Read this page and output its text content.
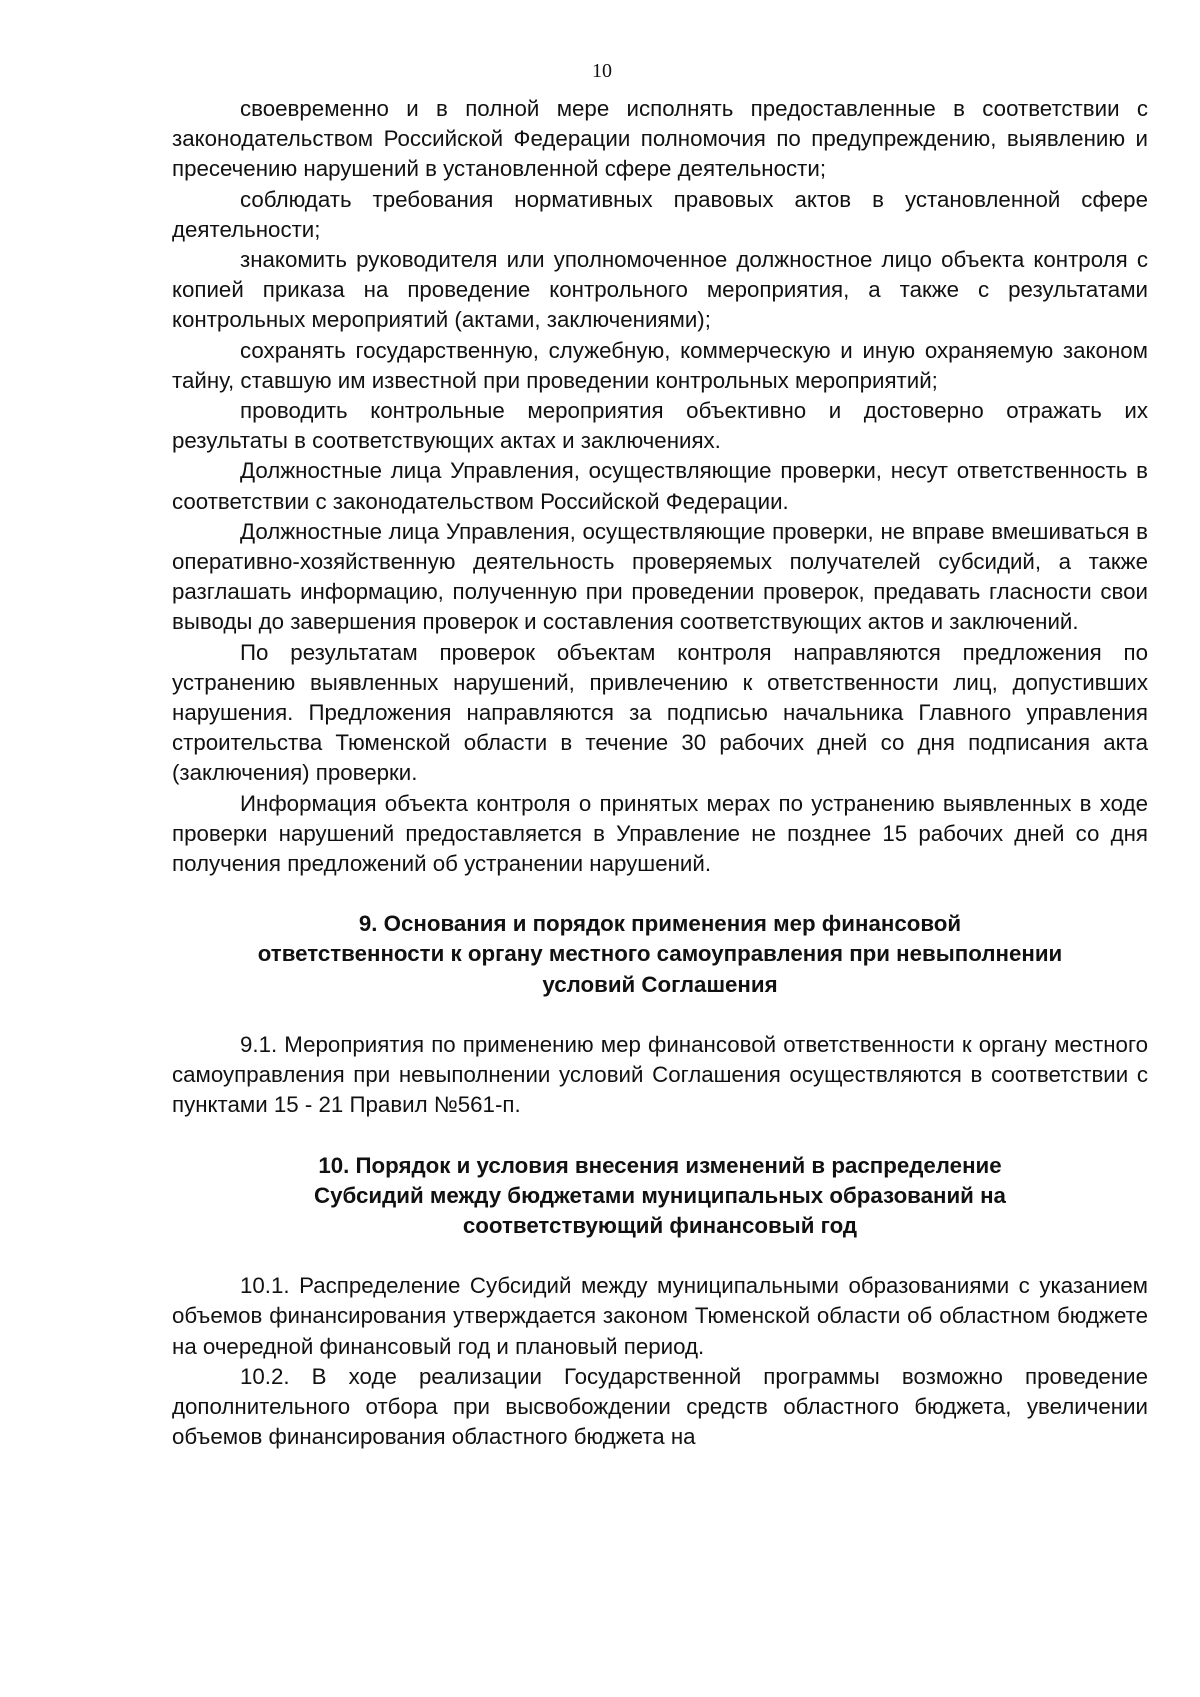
10

своевременно и в полной мере исполнять предоставленные в соответствии с законодательством Российской Федерации полномочия по предупреждению, выявлению и пресечению нарушений в установленной сфере деятельности;

соблюдать требования нормативных правовых актов в установленной сфере деятельности;

знакомить руководителя или уполномоченное должностное лицо объекта контроля с копией приказа на проведение контрольного мероприятия, а также с результатами контрольных мероприятий (актами, заключениями);

сохранять государственную, служебную, коммерческую и иную охраняемую законом тайну, ставшую им известной при проведении контрольных мероприятий;

проводить контрольные мероприятия объективно и достоверно отражать их результаты в соответствующих актах и заключениях.

Должностные лица Управления, осуществляющие проверки, несут ответственность в соответствии с законодательством Российской Федерации.

Должностные лица Управления, осуществляющие проверки, не вправе вмешиваться в оперативно-хозяйственную деятельность проверяемых получателей субсидий, а также разглашать информацию, полученную при проведении проверок, предавать гласности свои выводы до завершения проверок и составления соответствующих актов и заключений.

По результатам проверок объектам контроля направляются предложения по устранению выявленных нарушений, привлечению к ответственности лиц, допустивших нарушения. Предложения направляются за подписью начальника Главного управления строительства Тюменской области в течение 30 рабочих дней со дня подписания акта (заключения) проверки.

Информация объекта контроля о принятых мерах по устранению выявленных в ходе проверки нарушений предоставляется в Управление не позднее 15 рабочих дней со дня получения предложений об устранении нарушений.

9. Основания и порядок применения мер финансовой
ответственности к органу местного самоуправления при невыполнении
условий Соглашения

9.1. Мероприятия по применению мер финансовой ответственности к органу местного самоуправления при невыполнении условий Соглашения осуществляются в соответствии с пунктами 15 - 21 Правил №561-п.

10. Порядок и условия внесения изменений в распределение
Субсидий между бюджетами муниципальных образований на
соответствующий финансовый год

10.1. Распределение Субсидий между муниципальными образованиями с указанием объемов финансирования утверждается законом Тюменской области об областном бюджете на очередной финансовый год и плановый период.

10.2. В ходе реализации Государственной программы возможно проведение дополнительного отбора при высвобождении средств областного бюджета, увеличении объемов финансирования областного бюджета на
